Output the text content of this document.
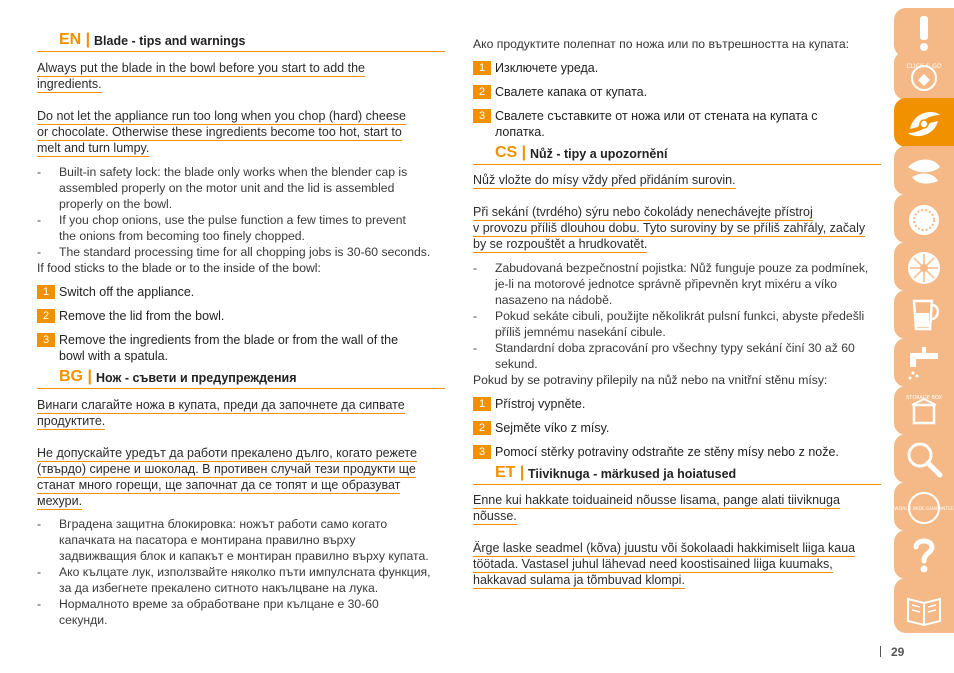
EN | Blade - tips and warnings
Always put the blade in the bowl before you start to add the
ingredients.
Do not let the appliance run too long when you chop (hard) cheese
or chocolate. Otherwise these ingredients become too hot, start to
melt and turn lumpy.
- Built-in safety lock: the blade only works when the blender cap is
assembled properly on the motor unit and the lid is assembled
properly on the bowl.
- If you chop onions, use the pulse function a few times to prevent
the onions from becoming too finely chopped.
- The standard processing time for all chopping jobs is 30-60 seconds.
If food sticks to the blade or to the inside of the bowl:
1 Switch off the appliance.
2 Remove the lid from the bowl.
3 Remove the ingredients from the blade or from the wall of the
bowl with a spatula.
BG | Нож - съвети и предупреждения
Винаги слагайте ножа в купата, преди да започнете да сипвате
продуктите.
Не допускайте уредът да работи прекалено дълго, когато режете
(твърдо) сирене и шоколад. В противен случай тези продукти ще
станат много горещи, ще започнат да се топят и ще образуват
мехури.
- Вградена защитна блокировка: ножът работи само когато
капачката на пасатора е монтирана правилно върху
задвижващия блок и капакът е монтиран правилно върху купата.
- Ако кълцате лук, използвайте няколко пъти импулсната функция,
за да избегнете прекалено ситното накълцване на лука.
- Нормалното време за обработване при кълцане е 30-60
секунди.
Ако продуктите полепнат по ножа или по вътрешността на купата:
1 Изключете уреда.
2 Свалете капака от купата.
3 Свалете съставките от ножа или от стената на купата с
лопатка.
CS | Nůž - tipy a upozornění
Nůž vložte do mísy vždy před přidáním surovin.
Při sekání (tvrdého) sýru nebo čokolády nenechávejte přístroj
v provozu příliš dlouhou dobu. Tyto suroviny by se příliš zahřály, začaly
by se rozpouštět a hrudkovatět.
- Zabudovaná bezpečnostní pojistka: Nůž funguje pouze za podmínek,
je-li na motorové jednotce správně připevněn kryt mixéru a víko
nasazeno na nádobě.
- Pokud sekáte cibuli, použijte několikrát pulsní funkci, abyste předešli
příliš jemnému nasekání cibule.
- Standardní doba zpracování pro všechny typy sekání činí 30 až 60
sekund.
Pokud by se potraviny přilepily na nůž nebo na vnitřní stěnu mísy:
1 Přístroj vypněte.
2 Sejměte víko z mísy.
3 Pomocí stěrky potraviny odstraňte ze stěny mísy nebo z nože.
ET | Tiiviknuga - märkused ja hoiatused
Enne kui hakkate toiduaineid nõusse lisama, pange alati tiiviknuga
nõusse.
Ärge laske seadmel (kõva) juustu või šokolaadi hakkimiselt liiga kaua
töötada. Vastasel juhul lähevad need koostisained liiga kuumaks,
hakkavad sulama ja tõmbuvad klompi.
CLICK & GO
STORAGE BOX
WORLD WIDE GUARANTEE
29
